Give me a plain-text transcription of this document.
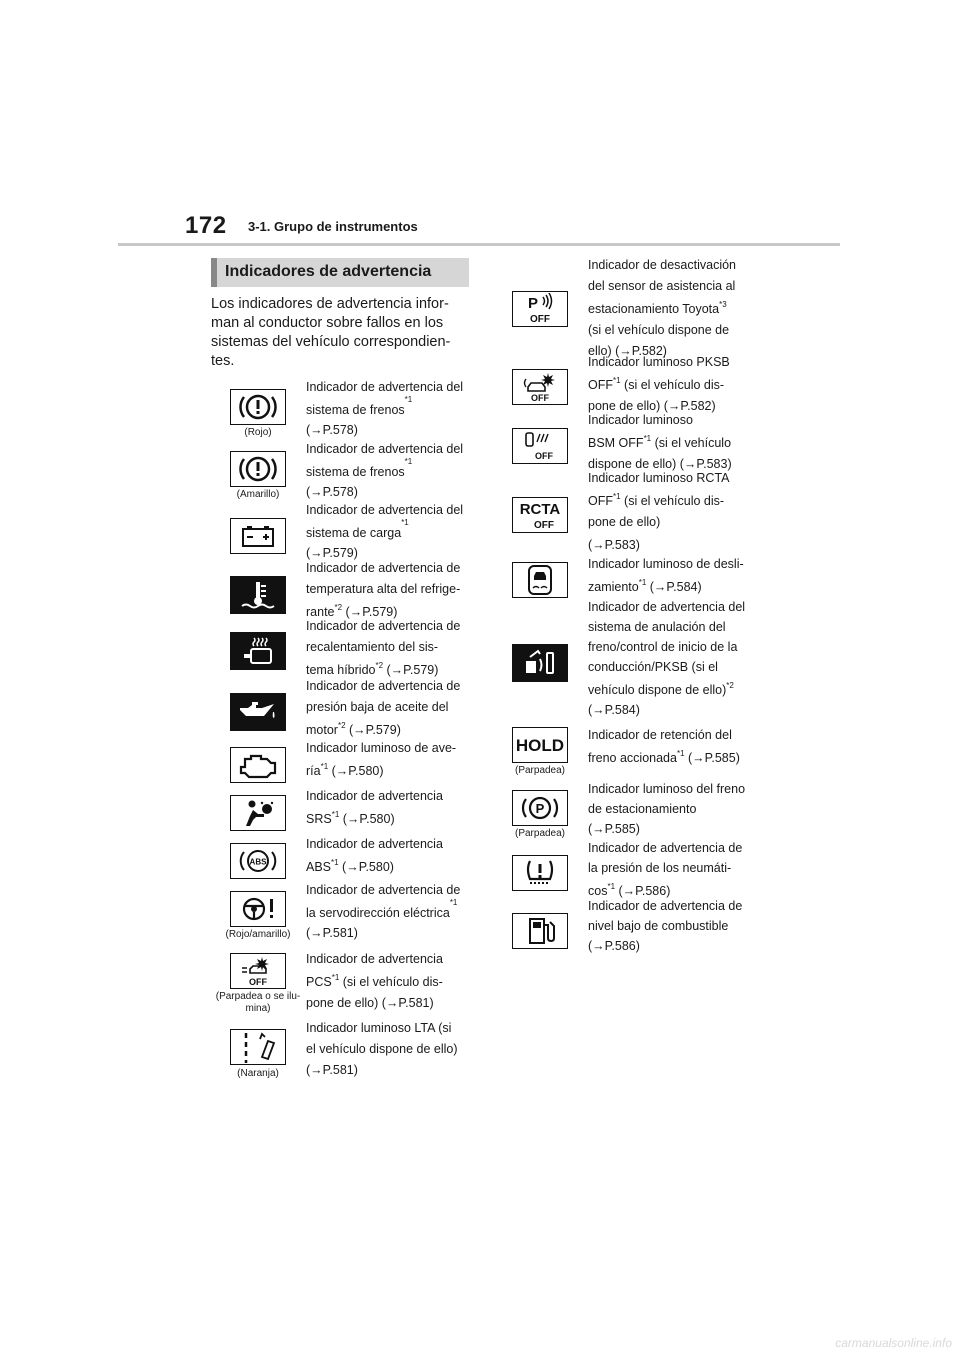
172 3-1. Grupo de instrumentos
Indicadores de advertencia
Los indicadores de advertencia infor-man al conductor sobre fallos en los sistemas del vehículo correspondien-tes.
(Rojo)
Indicador de advertencia del
sistema de frenos$^{^{*1}}$
(→P.578)
(Amarillo)
Indicador de advertencia del
sistema de frenos$^{^{*1}}$
(→P.578)
Indicador de advertencia del
sistema de carga$^{^{*1}}$
(→P.579)
Indicador de advertencia de
temperatura alta del refrige-
rante$^{*2}$ (→P.579)
Indicador de advertencia de
recalentamiento del sis-
tema híbrido$^{*2}$ (→P.579)
Indicador de advertencia de
presión baja de aceite del
motor$^{*2}$ (→P.579)
Indicador luminoso de ave-
ría$^{*1}$ (→P.580)
Indicador de advertencia
SRS$^{*1}$ (→P.580)
ABS
Indicador de advertencia
ABS$^{*1}$ (→P.580)
(Rojo/amarillo)
Indicador de advertencia de
la servodirección eléctrica$^{^{*1}}$
(→P.581)
OFF
(Parpadea o se ilu-mina)
Indicador de advertencia
PCS$^{*1}$ (si el vehículo dis-
pone de ello) (→P.581)
(Naranja)
Indicador luminoso LTA (si
el vehículo dispone de ello)
(→P.581)
P
OFF
Indicador de desactivación
del sensor de asistencia al
estacionamiento Toyota$^{*3}$
(si el vehículo dispone de
ello) (→P.582)
OFF
Indicador luminoso PKSB
OFF$^{*1}$ (si el vehículo dis-
pone de ello) (→P.582)
OFF
Indicador luminoso
BSM OFF$^{*1}$ (si el vehículo
dispone de ello) (→P.583)
RCTA
OFF
Indicador luminoso RCTA
OFF$^{*1}$ (si el vehículo dis-
pone de ello)
(→P.583)
Indicador luminoso de desli-
zamiento$^{*1}$ (→P.584)
Indicador de advertencia del
sistema de anulación del
freno/control de inicio de la
conducción/PKSB (si el
vehículo dispone de ello)$^{*2}$
(→P.584)
HOLD
(Parpadea)
Indicador de retención del
freno accionada$^{*1}$ (→P.585)
P
(Parpadea)
Indicador luminoso del freno
de estacionamiento
(→P.585)
Indicador de advertencia de
la presión de los neumáti-
$\cos^{*1} (\to P.586)$
Indicador de advertencia de
nivel bajo de combustible
(→P.586)
carmanualsonline.info
